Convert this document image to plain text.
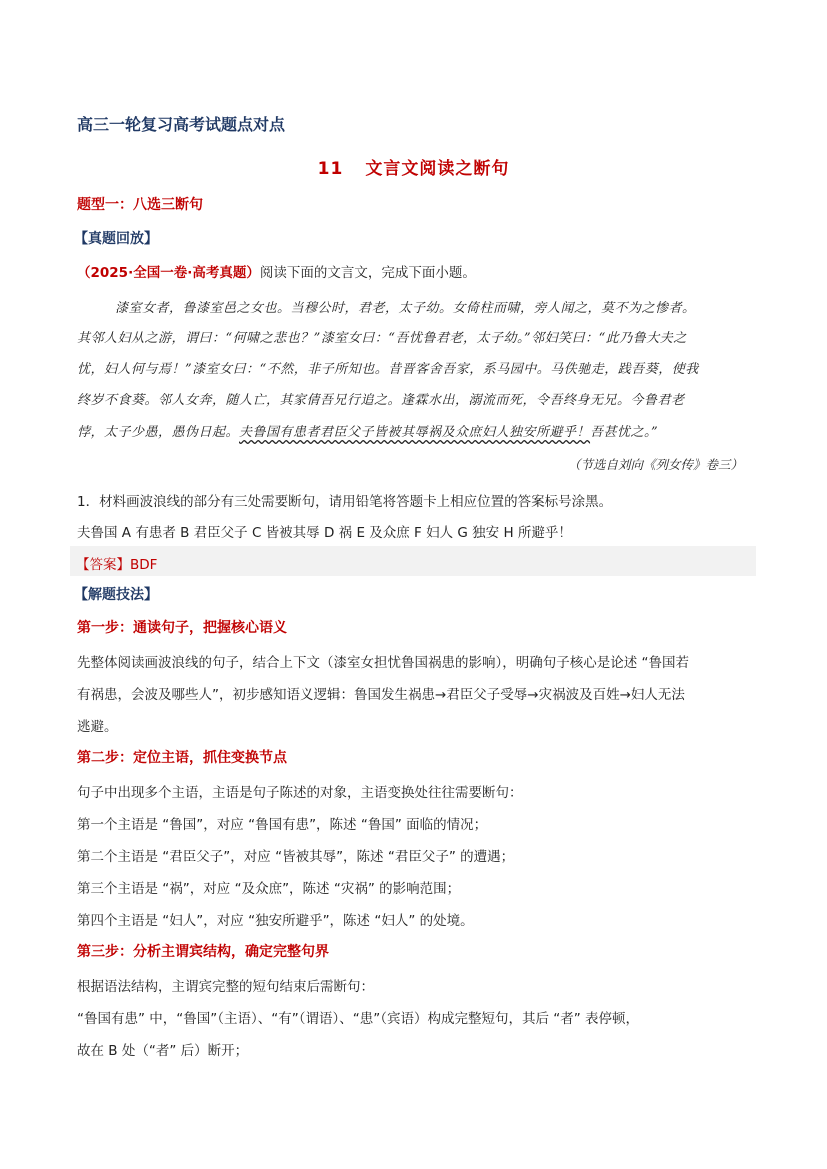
高三一轮复习高考试题点对点
11 文言文阅读之断句
题型一：八选三断句
【真题回放】
（2025·全国一卷·高考真题）阅读下面的文言文，完成下面小题。
漆室女者，鲁漆室邑之女也。当穆公时，君老，太子幼。女倚柱而啸，旁人闻之，莫不为之惨者。
其邻人妇从之游，谓曰：“何啸之悲也？”漆室女曰：“吾忧鲁君老，太子幼。”邻妇笑曰：“此乃鲁大夫之
忧，妇人何与焉！”漆室女曰：“不然，非子所知也。昔晋客舍吾家，系马园中。马佚驰走，践吾葵，使我
终岁不食葵。邻人女奔，随人亡，其家倩吾兄行追之。逢霖水出，溺流而死，令吾终身无兄。今鲁君老
悖，太子少愚，愚伪日起。夫鲁国有患者君臣父子皆被其辱祸及众庶妇人独安所避乎！吾甚忧之。”
（节选自刘向《列女传》卷三）
1．材料画波浪线的部分有三处需要断句，请用铅笔将答题卡上相应位置的答案标号涂黑。
夫鲁国 A 有患者 B 君臣父子 C 皆被其辱 D 祸 E 及众庶 F 妇人 G 独安 H 所避乎！
【答案】BDF
【解题技法】
第一步：通读句子，把握核心语义
先整体阅读画波浪线的句子，结合上下文（漆室女担忧鲁国祸患的影响），明确句子核心是论述 “鲁国若
有祸患，会波及哪些人”，初步感知语义逻辑：鲁国发生祸患→君臣父子受辱→灾祸波及百姓→妇人无法
逃避。
第二步：定位主语，抓住变换节点
句子中出现多个主语，主语是句子陈述的对象，主语变换处往往需要断句：
第一个主语是 “鲁国”，对应 “鲁国有患”，陈述 “鲁国” 面临的情况；
第二个主语是 “君臣父子”，对应 “皆被其辱”，陈述 “君臣父子” 的遭遇；
第三个主语是 “祸”，对应 “及众庶”，陈述 “灾祸” 的影响范围；
第四个主语是 “妇人”，对应 “独安所避乎”，陈述 “妇人” 的处境。
第三步：分析主谓宾结构，确定完整句界
根据语法结构，主谓宾完整的短句结束后需断句：
“鲁国有患” 中，“鲁国”（主语）、“有”（谓语）、“患”（宾语）构成完整短句，其后 “者” 表停顿，
故在 B 处（“者” 后）断开；
